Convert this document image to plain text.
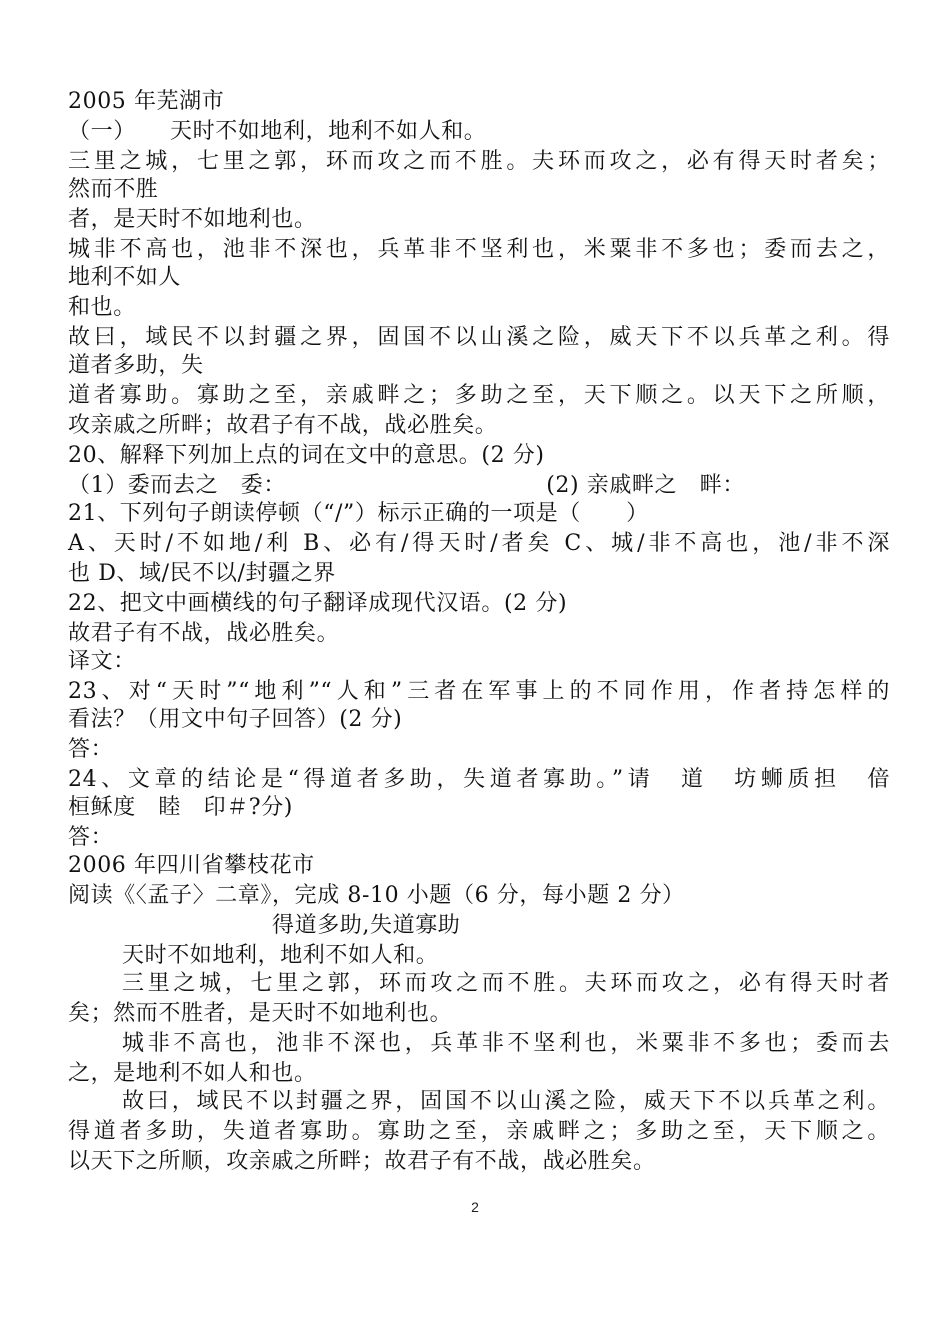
2005 年芜湖市
（一）　　天时不如地利，地利不如人和。
三里之城，七里之郭，环而攻之而不胜。夫环而攻之，必有得天时者矣；
然而不胜
者，是天时不如地利也。
城非不高也，池非不深也，兵革非不坚利也，米粟非不多也；委而去之，
地利不如人
和也。
故曰，域民不以封疆之界，固国不以山溪之险，威天下不以兵革之利。得
道者多助，失
道者寡助。寡助之至，亲戚畔之；多助之至，天下顺之。以天下之所顺，
攻亲戚之所畔；故君子有不战，战必胜矣。
20、解释下列加上点的词在文中的意思。(2 分)
（1）委而去之　委：　　　　　　　　　　　　(2) 亲戚畔之　畔：
21、下列句子朗读停顿（“/”）标示正确的一项是（　　）
A、天时/不如地/利 B、必有/得天时/者矣 C、城/非不高也，池/非不深
也 D、域/民不以/封疆之界
22、把文中画横线的句子翻译成现代汉语。(2 分)
故君子有不战，战必胜矣。
译文：
23、对“天时”“地利”“人和”三者在军事上的不同作用，作者持怎样的
看法？（用文中句子回答）(2 分)
答：
24、文章的结论是“得道者多助，失道者寡助。”请　道　坊蛳质担　偣
桓稣度　睦　印＃?分)
答：
2006 年四川省攀枝花市
阅读《〈孟子〉二章》，完成 8-10 小题（6 分，每小题 2 分）
得道多助,失道寡助
天时不如地利，地利不如人和。
三里之城，七里之郭，环而攻之而不胜。夫环而攻之，必有得天时者
矣；然而不胜者，是天时不如地利也。
城非不高也，池非不深也，兵革非不坚利也，米粟非不多也；委而去
之，是地利不如人和也。
故曰，域民不以封疆之界，固国不以山溪之险，威天下不以兵革之利。
得道者多助，失道者寡助。寡助之至，亲戚畔之；多助之至，天下顺之。
以天下之所顺，攻亲戚之所畔；故君子有不战，战必胜矣。
2
